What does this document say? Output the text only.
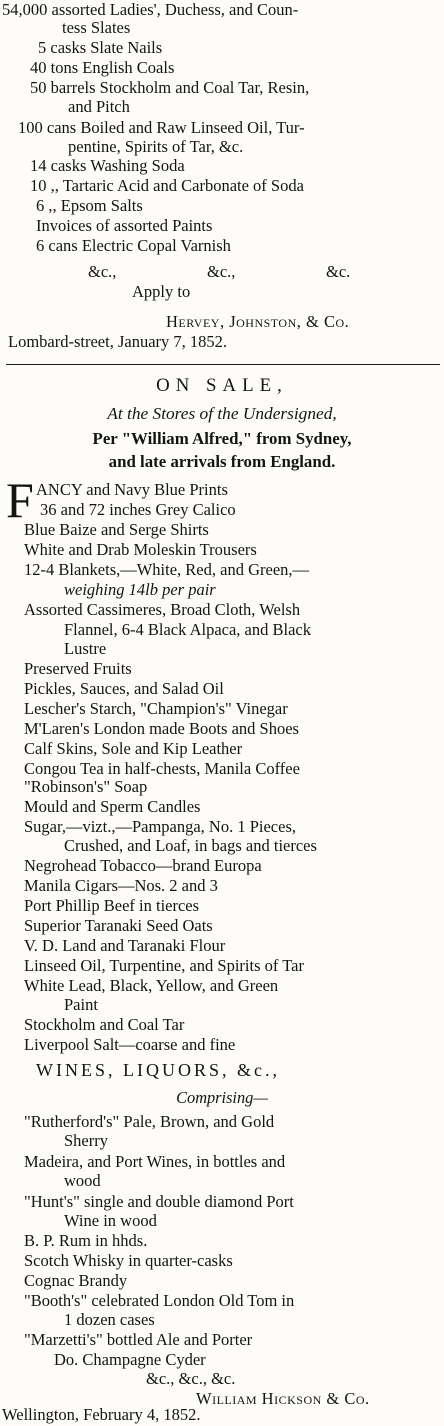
54,000 assorted Ladies', Duchess, and Coun-
tess Slates
5 casks Slate Nails
40 tons English Coals
50 barrels Stockholm and Coal Tar, Resin,
and Pitch
100 cans Boiled and Raw Linseed Oil, Tur-
pentine, Spirits of Tar, &c.
14 casks Washing Soda
10 ,, Tartaric Acid and Carbonate of Soda
6 ,, Epsom Salts
Invoices of assorted Paints
6 cans Electric Copal Varnish
&c.,	&c.,	&c.
Apply to
Hervey, Johnston, & Co.
Lombard-street, January 7, 1852.
ON SALE,
At the Stores of the Undersigned,
Per "William Alfred," from Sydney,
and late arrivals from England.
F ANCY and Navy Blue Prints
36 and 72 inches Grey Calico
Blue Baize and Serge Shirts
White and Drab Moleskin Trousers
12-4 Blankets,—White, Red, and Green,—
weighing 14lb per pair
Assorted Cassimeres, Broad Cloth, Welsh
Flannel, 6-4 Black Alpaca, and Black
Lustre
Preserved Fruits
Pickles, Sauces, and Salad Oil
Lescher's Starch, "Champion's" Vinegar
M'Laren's London made Boots and Shoes
Calf Skins, Sole and Kip Leather
Congou Tea in half-chests, Manila Coffee
"Robinson's" Soap
Mould and Sperm Candles
Sugar,—vizt.,—Pampanga, No. 1 Pieces,
Crushed, and Loaf, in bags and tierces
Negrohead Tobacco—brand Europa
Manila Cigars—Nos. 2 and 3
Port Phillip Beef in tierces
Superior Taranaki Seed Oats
V. D. Land and Taranaki Flour
Linseed Oil, Turpentine, and Spirits of Tar
White Lead, Black, Yellow, and Green
Paint
Stockholm and Coal Tar
Liverpool Salt—coarse and fine
WINES, LIQUORS, &c.,
Comprising—
"Rutherford's" Pale, Brown, and Gold
Sherry
Madeira, and Port Wines, in bottles and
wood
"Hunt's" single and double diamond Port
Wine in wood
B. P. Rum in hhds.
Scotch Whisky in quarter-casks
Cognac Brandy
"Booth's" celebrated London Old Tom in
1 dozen cases
"Marzetti's" bottled Ale and Porter
Do. Champagne Cyder
&c., &c., &c.
William Hickson & Co.
Wellington, February 4, 1852.
